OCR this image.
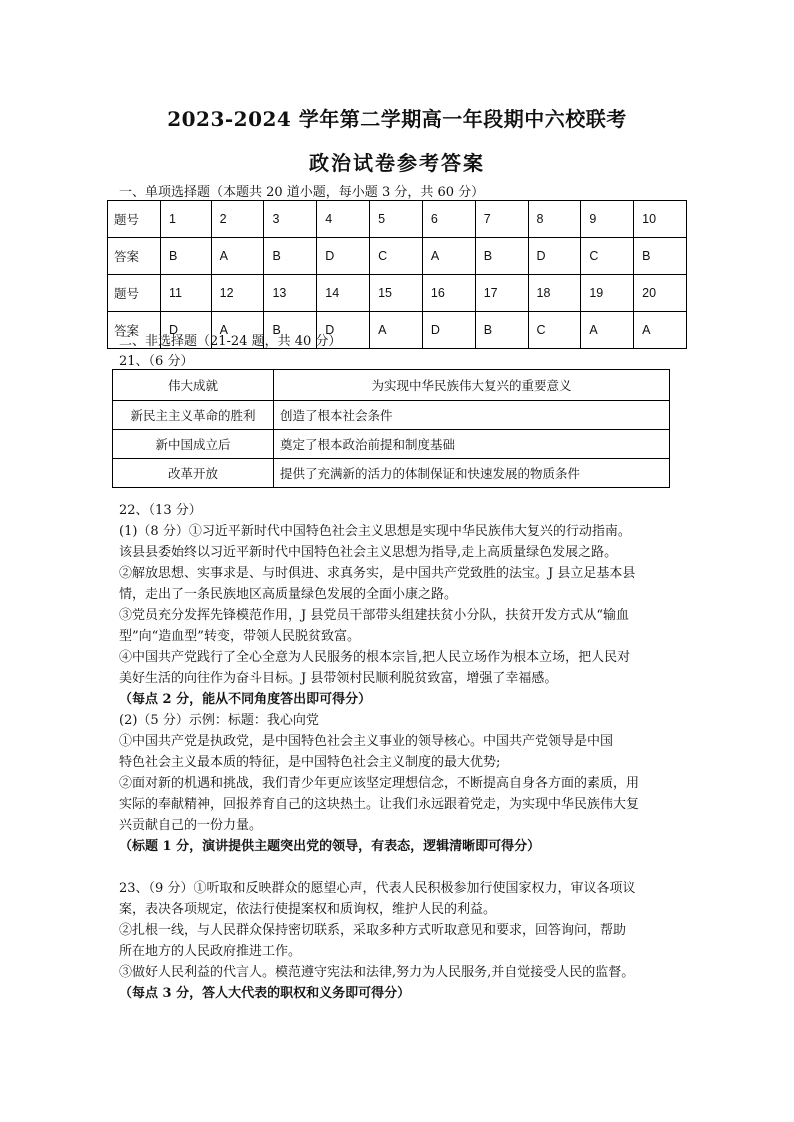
2023-2024 学年第二学期高一年段期中六校联考
政治试卷参考答案
一、单项选择题（本题共 20 道小题，每小题 3 分，共 60 分）
题号	1	2	3	4	5	6	7	8	9	10
答案	B	A	B	D	C	A	B	D	C	B
题号	11	12	13	14	15	16	17	18	19	20
答案	D	A	B	D	A	D	B	C	A	A
二、非选择题（21-24 题，共 40 分）
21、（6 分）
伟大成就	为实现中华民族伟大复兴的重要意义
新民主主义革命的胜利	创造了根本社会条件
新中国成立后	奠定了根本政治前提和制度基础
改革开放	提供了充满新的活力的体制保证和快速发展的物质条件

22、（13 分）

(1)（8 分）①习近平新时代中国特色社会主义思想是实现中华民族伟大复兴的行动指南。

该县县委始终以习近平新时代中国特色社会主义思想为指导,走上高质量绿色发展之路。

②解放思想、实事求是、与时俱进、求真务实，是中国共产党致胜的法宝。J 县立足基本县

情，走出了一条民族地区高质量绿色发展的全面小康之路。

③党员充分发挥先锋模范作用，J 县党员干部带头组建扶贫小分队，扶贫开发方式从“输血

型”向“造血型”转变，带领人民脱贫致富。

④中国共产党践行了全心全意为人民服务的根本宗旨,把人民立场作为根本立场，把人民对

美好生活的向往作为奋斗目标。J 县带领村民顺利脱贫致富，增强了幸福感。

（每点 2 分，能从不同角度答出即可得分）

(2)（5 分）示例：标题：我心向党

①中国共产党是执政党，是中国特色社会主义事业的领导核心。中国共产党领导是中国

特色社会主义最本质的特征，是中国特色社会主义制度的最大优势;

②面对新的机遇和挑战，我们青少年更应该坚定理想信念，不断提高自身各方面的素质，用

实际的奉献精神，回报养育自己的这块热土。让我们永远跟着党走，为实现中华民族伟大复

兴贡献自己的一份力量。

（标题 1 分，演讲提供主题突出党的领导，有表态，逻辑清晰即可得分）

23、（9 分）①听取和反映群众的愿望心声，代表人民积极参加行使国家权力，审议各项议

案，表决各项规定，依法行使提案权和质询权，维护人民的利益。

②扎根一线，与人民群众保持密切联系，采取多种方式听取意见和要求，回答询问，帮助

所在地方的人民政府推进工作。

③做好人民利益的代言人。模范遵守宪法和法律,努力为人民服务,并自觉接受人民的监督。

（每点 3 分，答人大代表的职权和义务即可得分）
